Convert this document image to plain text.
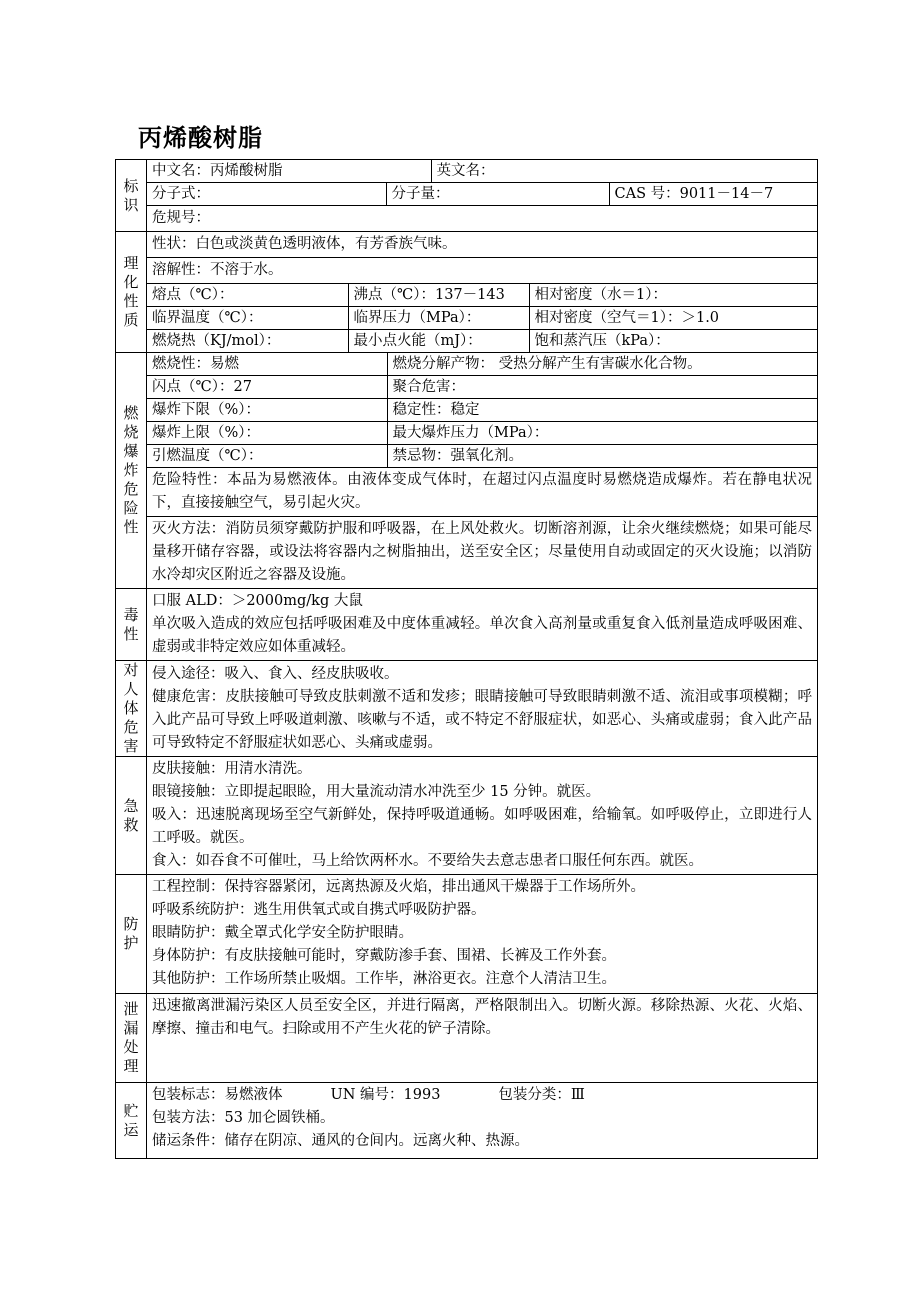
丙烯酸树脂
标
识

中文名：丙烯酸树脂	英文名：

分子式：	分子量：	CAS 号：9011－14－7

危规号：

理
化
性
质
	性状：白色或淡黄色透明液体，有芳香族气味。
溶解性：不溶于水。

熔点（℃）：	沸点（℃）：137－143	相对密度（水＝1）：

临界温度（℃）：	临界压力（MPa）：	相对密度（空气＝1）：＞1.0

燃烧热（KJ/mol）：	最小点火能（mJ）：	饱和蒸汽压（kPa）：

燃
烧
爆
炸
危
险
性

燃烧性：易燃	燃烧分解产物： 受热分解产生有害碳水化合物。

闪点（℃）：27	聚合危害：

爆炸下限（%）：	稳定性：稳定

爆炸上限（%）：	最大爆炸压力（MPa）：

引燃温度（℃）：	禁忌物：强氧化剂。

危险特性：本品为易燃液体。由液体变成气体时，在超过闪点温度时易燃烧造成爆炸。若在静电状况下，直接接触空气，易引起火灾。
灭火方法：消防员须穿戴防护服和呼吸器，在上风处救火。切断溶剂源，让余火继续燃烧；如果可能尽量移开储存容器，或设法将容器内之树脂抽出，送至安全区；尽量使用自动或固定的灭火设施；以消防水冷却灾区附近之容器及设施。

毒
性

口服 ALD：＞2000mg/kg 大鼠
单次吸入造成的效应包括呼吸困难及中度体重减轻。单次食入高剂量或重复食入低剂量造成呼吸困难、虚弱或非特定效应如体重减轻。

对
人
体
危
害

侵入途径：吸入、食入、经皮肤吸收。
健康危害：皮肤接触可导致皮肤刺激不适和发疹；眼睛接触可导致眼睛刺激不适、流泪或事项模糊；呼入此产品可导致上呼吸道刺激、咳嗽与不适，或不特定不舒服症状，如恶心、头痛或虚弱；食入此产品可导致特定不舒服症状如恶心、头痛或虚弱。

急
救

皮肤接触：用清水清洗。
眼镜接触：立即提起眼睑，用大量流动清水冲洗至少 15 分钟。就医。
吸入：迅速脱离现场至空气新鲜处，保持呼吸道通畅。如呼吸困难，给输氧。如呼吸停止，立即进行人工呼吸。就医。
食入：如吞食不可催吐，马上给饮两杯水。不要给失去意志患者口服任何东西。就医。

防
护

工程控制：保持容器紧闭，远离热源及火焰，排出通风干燥器于工作场所外。
呼吸系统防护：逃生用供氧式或自携式呼吸防护器。
眼睛防护：戴全罩式化学安全防护眼睛。
身体防护：有皮肤接触可能时，穿戴防渗手套、围裙、长裤及工作外套。
其他防护：工作场所禁止吸烟。工作毕，淋浴更衣。注意个人清洁卫生。

泄
漏
处
理
	迅速撤离泄漏污染区人员至安全区，并进行隔离，严格限制出入。切断火源。移除热源、火花、火焰、摩擦、撞击和电气。扫除或用不产生火花的铲子清除。

贮
运

包装标志：易燃液体	UN 编号：1993	包装分类：Ⅲ
包装方法：53 加仑圆铁桶。
储运条件：储存在阴凉、通风的仓间内。远离火种、热源。
